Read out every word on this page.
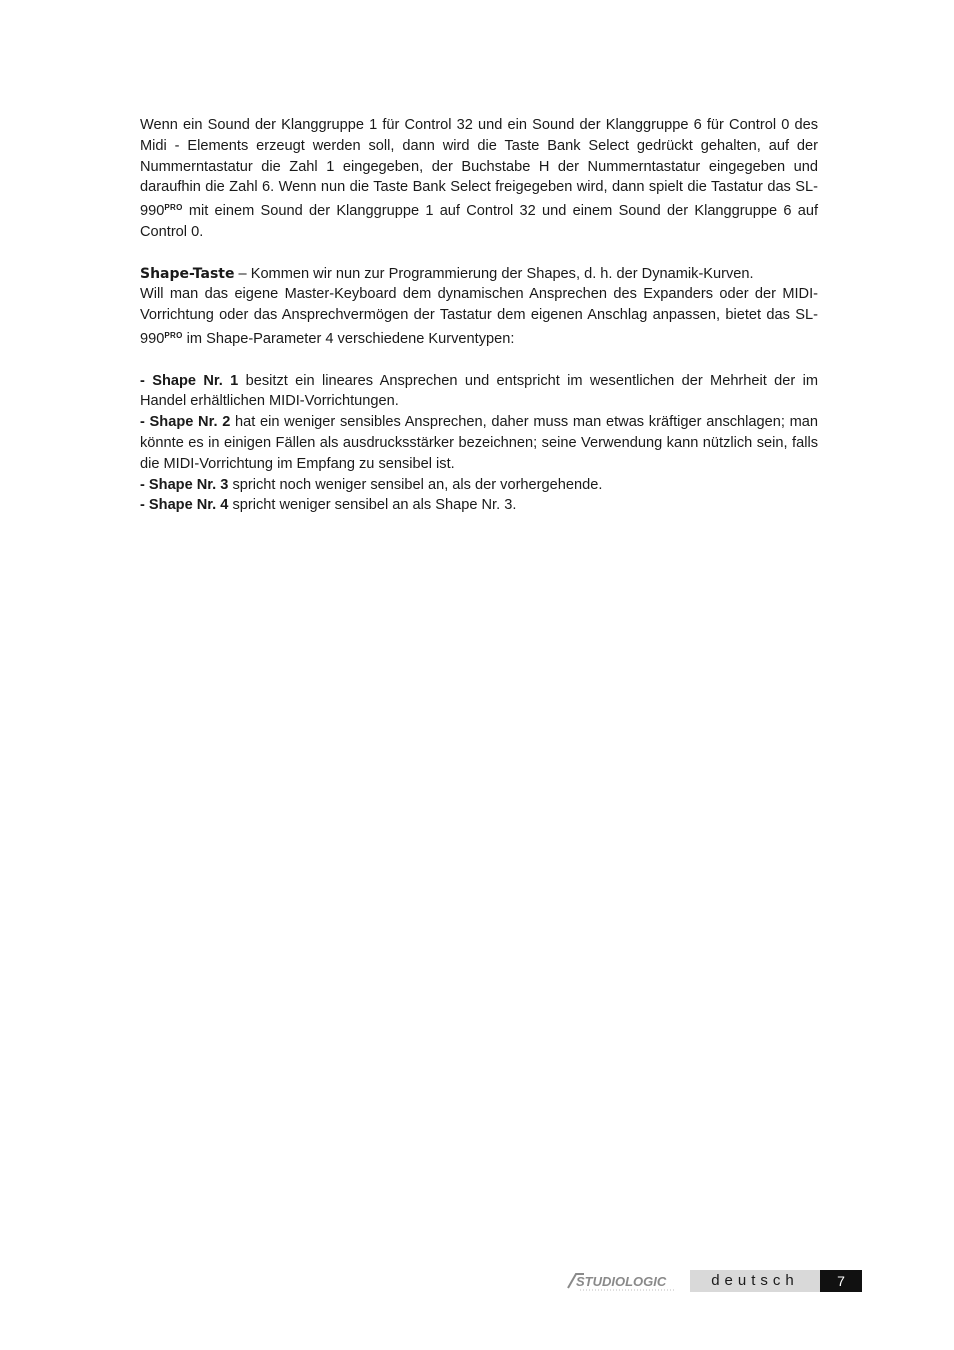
Wenn ein Sound der Klanggruppe 1 für Control 32 und ein Sound der Klanggruppe 6 für Control 0 des Midi - Elements erzeugt werden soll, dann wird die Taste Bank Select gedrückt gehalten, auf der Nummerntastatur die Zahl 1 eingegeben, der Buchstabe H der Nummerntastatur eingegeben und daraufhin die Zahl 6. Wenn nun die Taste Bank Select freigegeben wird, dann spielt die Tastatur das $SL-990^{PRO}$ mit einem Sound der Klanggruppe 1 auf Control 32 und einem Sound der Klanggruppe 6 auf Control 0.

Shape-Taste – Kommen wir nun zur Programmierung der Shapes, d. h. der Dynamik-Kurven.

Will man das eigene Master-Keyboard dem dynamischen Ansprechen des Expanders oder der MIDI-Vorrichtung oder das Ansprechvermögen der Tastatur dem eigenen Anschlag anpassen, bietet das $SL-990^{PRO}$ im Shape-Parameter 4 verschiedene Kurventypen:

- Shape Nr. 1 besitzt ein lineares Ansprechen und entspricht im wesentlichen der Mehrheit der im Handel erhältlichen MIDI-Vorrichtungen.

- Shape Nr. 2 hat ein weniger sensibles Ansprechen, daher muss man etwas kräftiger anschlagen; man könnte es in einigen Fällen als ausdrucksstärker bezeichnen; seine Verwendung kann nützlich sein, falls die MIDI-Vorrichtung im Empfang zu sensibel ist.

- Shape Nr. 3 spricht noch weniger sensibel an, als der vorhergehende.

- Shape Nr. 4 spricht weniger sensibel an als Shape Nr. 3.

STUDIOLOGIC	deutsch	7
